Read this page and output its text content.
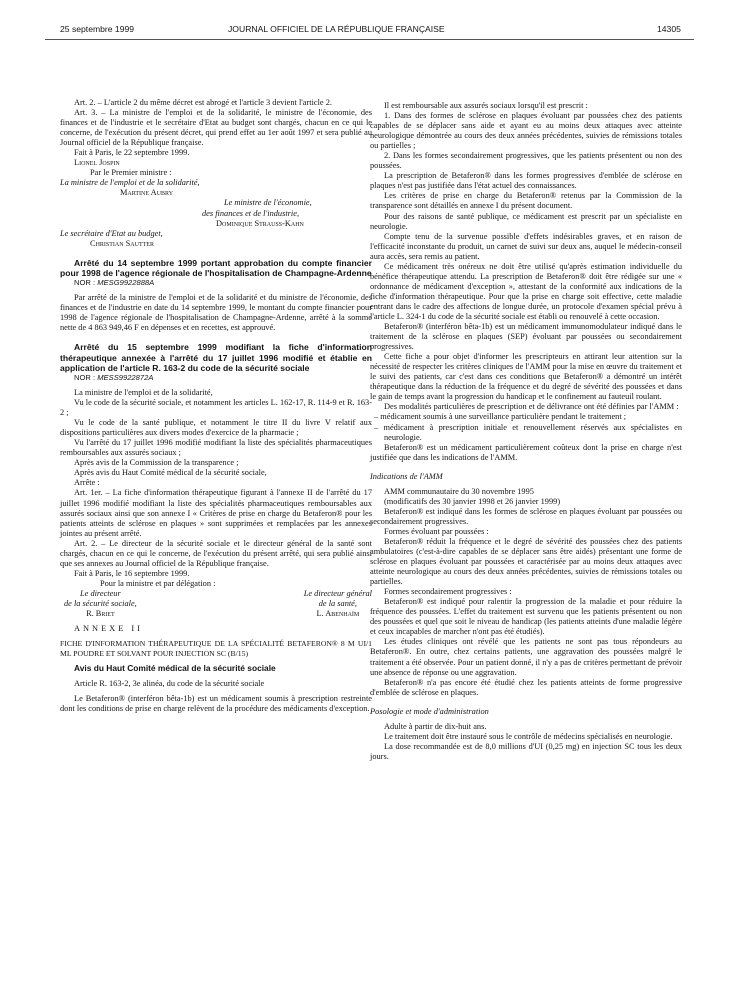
25 septembre 1999	JOURNAL OFFICIEL DE LA RÉPUBLIQUE FRANÇAISE	14305

Art. 2. – L'article 2 du même décret est abrogé et l'article 3 devient l'article 2.

Art. 3. – La ministre de l'emploi et de la solidarité, le ministre de l'économie, des finances et de l'industrie et le secrétaire d'Etat au budget sont chargés, chacun en ce qui le concerne, de l'exécution du présent décret, qui prend effet au 1er août 1997 et sera publié au Journal officiel de la République française.

Fait à Paris, le 22 septembre 1999.

Lionel Jospin

Par le Premier ministre :

La ministre de l'emploi et de la solidarité,

Martine Aubry

Le ministre de l'économie,

des finances et de l'industrie,

Dominique Strauss-Kahn

Le secrétaire d'Etat au budget,

Christian Sautter

Arrêté du 14 septembre 1999 portant approbation du compte financier pour 1998 de l'agence régionale de l'hospitalisation de Champagne-Ardenne

NOR : MESG9922888A

Par arrêté de la ministre de l'emploi et de la solidarité et du ministre de l'économie, des finances et de l'industrie en date du 14 septembre 1999, le montant du compte financier pour 1998 de l'agence régionale de l'hospitalisation de Champagne-Ardenne, arrêté à la somme nette de 4 863 949,46 F en dépenses et en recettes, est approuvé.

Arrêté du 15 septembre 1999 modifiant la fiche d'information thérapeutique annexée à l'arrêté du 17 juillet 1996 modifié et établie en application de l'article R. 163-2 du code de la sécurité sociale

NOR : MESS9922872A

La ministre de l'emploi et de la solidarité,

Vu le code de la sécurité sociale, et notamment les articles L. 162-17, R. 114-9 et R. 163-2 ;

Vu le code de la santé publique, et notamment le titre II du livre V relatif aux dispositions particulières aux divers modes d'exercice de la pharmacie ;

Vu l'arrêté du 17 juillet 1996 modifié modifiant la liste des spécialités pharmaceutiques remboursables aux assurés sociaux ;

Après avis de la Commission de la transparence ;

Après avis du Haut Comité médical de la sécurité sociale,

Arrête :

Art. 1er. – La fiche d'information thérapeutique figurant à l'annexe II de l'arrêté du 17 juillet 1996 modifié modifiant la liste des spécialités pharmaceutiques remboursables aux assurés sociaux ainsi que son annexe I « Critères de prise en charge du Betaferon® pour les patients atteints de sclérose en plaques » sont supprimées et remplacées par les annexes jointes au présent arrêté.

Art. 2. – Le directeur de la sécurité sociale et le directeur général de la santé sont chargés, chacun en ce qui le concerne, de l'exécution du présent arrêté, qui sera publié ainsi que ses annexes au Journal officiel de la République française.

Fait à Paris, le 16 septembre 1999.

Pour la ministre et par délégation :

Le directeur
de la sécurité sociale,
R. Briet
Le directeur général
de la santé,
L. Abenhaïm

ANNEXE II

FICHE D'INFORMATION THÉRAPEUTIQUE DE LA SPÉCIALITÉ BETAFERON® 8 M UI/1 ML POUDRE ET SOLVANT POUR INJECTION SC (B/15)

Avis du Haut Comité médical de la sécurité sociale

Article R. 163-2, 3e alinéa, du code de la sécurité sociale

Le Betaferon® (interféron bêta-1b) est un médicament soumis à prescription restreinte dont les conditions de prise en charge relèvent de la procédure des médicaments d'exception.

Il est remboursable aux assurés sociaux lorsqu'il est prescrit :

1. Dans des formes de sclérose en plaques évoluant par poussées chez des patients capables de se déplacer sans aide et ayant eu au moins deux attaques avec atteinte neurologique démontrée au cours des deux années précédentes, suivies de rémissions totales ou partielles ;

2. Dans les formes secondairement progressives, que les patients présentent ou non des poussées.

La prescription de Betaferon® dans les formes progressives d'emblée de sclérose en plaques n'est pas justifiée dans l'état actuel des connaissances.

Les critères de prise en charge du Betaferon® retenus par la Commission de la transparence sont détaillés en annexe I du présent document.

Pour des raisons de santé publique, ce médicament est prescrit par un spécialiste en neurologie.

Compte tenu de la survenue possible d'effets indésirables graves, et en raison de l'efficacité inconstante du produit, un carnet de suivi sur deux ans, auquel le médecin-conseil aura accès, sera remis au patient.

Ce médicament très onéreux ne doit être utilisé qu'après estimation individuelle du bénéfice thérapeutique attendu. La prescription de Betaferon® doit être rédigée sur une « ordonnance de médicament d'exception », attestant de la conformité aux indications de la fiche d'information thérapeutique. Pour que la prise en charge soit effective, cette maladie entrant dans le cadre des affections de longue durée, un protocole d'examen spécial prévu à l'article L. 324-1 du code de la sécurité sociale est établi ou renouvelé à cette occasion.

Betaferon® (interféron bêta-1b) est un médicament immunomodulateur indiqué dans le traitement de la sclérose en plaques (SEP) évoluant par poussées ou secondairement progressives.

Cette fiche a pour objet d'informer les prescripteurs en attirant leur attention sur la nécessité de respecter les critères cliniques de l'AMM pour la mise en œuvre du traitement et le suivi des patients, car c'est dans ces conditions que Betaferon® a démontré un intérêt thérapeutique dans la réduction de la fréquence et du degré de sévérité des poussées et dans le gain de temps avant la progression du handicap et le confinement au fauteuil roulant.

Des modalités particulières de prescription et de délivrance ont été définies par l'AMM :

– médicament soumis à une surveillance particulière pendant le traitement ;

– médicament à prescription initiale et renouvellement réservés aux spécialistes en neurologie.

Betaferon® est un médicament particulièrement coûteux dont la prise en charge n'est justifiée que dans les indications de l'AMM.

Indications de l'AMM

AMM communautaire du 30 novembre 1995

(modificatifs des 30 janvier 1998 et 26 janvier 1999)

Betaferon® est indiqué dans les formes de sclérose en plaques évoluant par poussées ou secondairement progressives.

Formes évoluant par poussées :

Betaferon® réduit la fréquence et le degré de sévérité des poussées chez des patients ambulatoires (c'est-à-dire capables de se déplacer sans être aidés) présentant une forme de sclérose en plaques évoluant par poussées et caractérisée par au moins deux attaques avec atteinte neurologique au cours des deux années précédentes, suivies de rémissions totales ou partielles.

Formes secondairement progressives :

Betaferon® est indiqué pour ralentir la progression de la maladie et pour réduire la fréquence des poussées. L'effet du traitement est survenu que les patients présentent ou non des poussées et quel que soit le niveau de handicap (les patients atteints d'une maladie légère et ceux incapables de marcher n'ont pas été étudiés).

Les études cliniques ont révélé que les patients ne sont pas tous répondeurs au Betaferon®. En outre, chez certains patients, une aggravation des poussées malgré le traitement a été observée. Pour un patient donné, il n'y a pas de critères permettant de prévoir une absence de réponse ou une aggravation.

Betaferon® n'a pas encore été étudié chez les patients atteints de forme progressive d'emblée de sclérose en plaques.

Posologie et mode d'administration

Adulte à partir de dix-huit ans.

Le traitement doit être instauré sous le contrôle de médecins spécialisés en neurologie.

La dose recommandée est de 8,0 millions d'UI (0,25 mg) en injection SC tous les deux jours.
